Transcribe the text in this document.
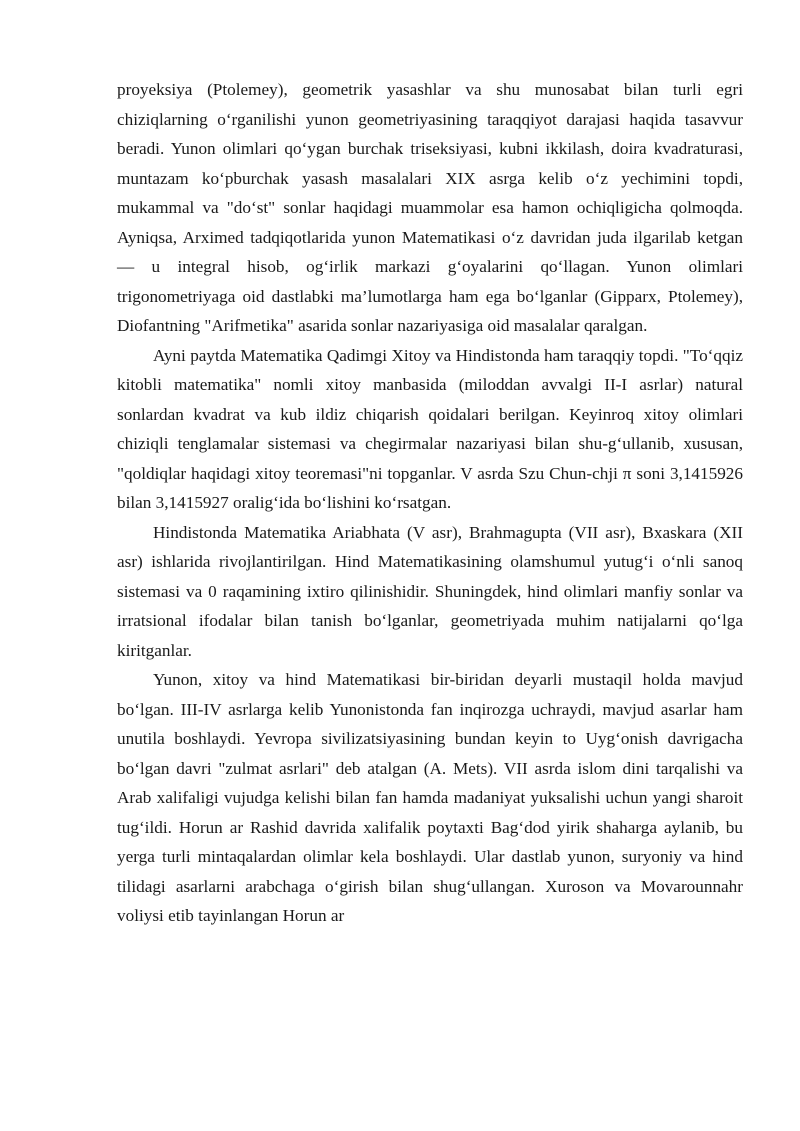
proyeksiya (Ptolemey), geometrik yasashlar va shu munosabat bilan turli egri chiziqlarning o‘rganilishi yunon geometriyasining taraqqiyot darajasi haqida tasavvur beradi. Yunon olimlari qo‘ygan burchak triseksiyasi, kubni ikkilash, doira kvadraturasi, muntazam ko‘pburchak yasash masalalari XIX asrga kelib o‘z yechimini topdi, mukammal va "do‘st" sonlar haqidagi muammolar esa hamon ochiqligicha qolmoqda. Ayniqsa, Arximed tadqiqotlarida yunon Matematikasi o‘z davridan juda ilgarilab ketgan — u integral hisob, og‘irlik markazi g‘oyalarini qo‘llagan. Yunon olimlari trigonometriyaga oid dastlabki ma’lumotlarga ham ega bo‘lganlar (Gipparx, Ptolemey), Diofantning "Arifmetika" asarida sonlar nazariyasiga oid masalalar qaralgan.

Ayni paytda Matematika Qadimgi Xitoy va Hindistonda ham taraqqiy topdi. "To‘qqiz kitobli matematika" nomli xitoy manbasida (miloddan avvalgi II-I asrlar) natural sonlardan kvadrat va kub ildiz chiqarish qoidalari berilgan. Keyinroq xitoy olimlari chiziqli tenglamalar sistemasi va chegirmalar nazariyasi bilan shu-g‘ullanib, xususan, "qoldiqlar haqidagi xitoy teoremasi"ni topganlar. V asrda Szu Chun-chji π soni 3,1415926 bilan 3,1415927 oralig‘ida bo‘lishini ko‘rsatgan.

Hindistonda Matematika Ariabhata (V asr), Brahmagupta (VII asr), Bxaskara (XII asr) ishlarida rivojlantirilgan. Hind Matematikasining olamshumul yutug‘i o‘nli sanoq sistemasi va 0 raqamining ixtiro qilinishidir. Shuningdek, hind olimlari manfiy sonlar va irratsional ifodalar bilan tanish bo‘lganlar, geometriyada muhim natijalarni qo‘lga kiritganlar.

Yunon, xitoy va hind Matematikasi bir-biridan deyarli mustaqil holda mavjud bo‘lgan. III-IV asrlarga kelib Yunonistonda fan inqirozga uchraydi, mavjud asarlar ham unutila boshlaydi. Yevropa sivilizatsiyasining bundan keyin to Uyg‘onish davrigacha bo‘lgan davri "zulmat asrlari" deb atalgan (A. Mets). VII asrda islom dini tarqalishi va Arab xalifaligi vujudga kelishi bilan fan hamda madaniyat yuksalishi uchun yangi sharoit tug‘ildi. Horun ar Rashid davrida xalifalik poytaxti Bag‘dod yirik shaharga aylanib, bu yerga turli mintaqalardan olimlar kela boshlaydi. Ular dastlab yunon, suryoniy va hind tilidagi asarlarni arabchaga o‘girish bilan shug‘ullangan. Xuroson va Movarounnahr voliysi etib tayinlangan Horun ar
